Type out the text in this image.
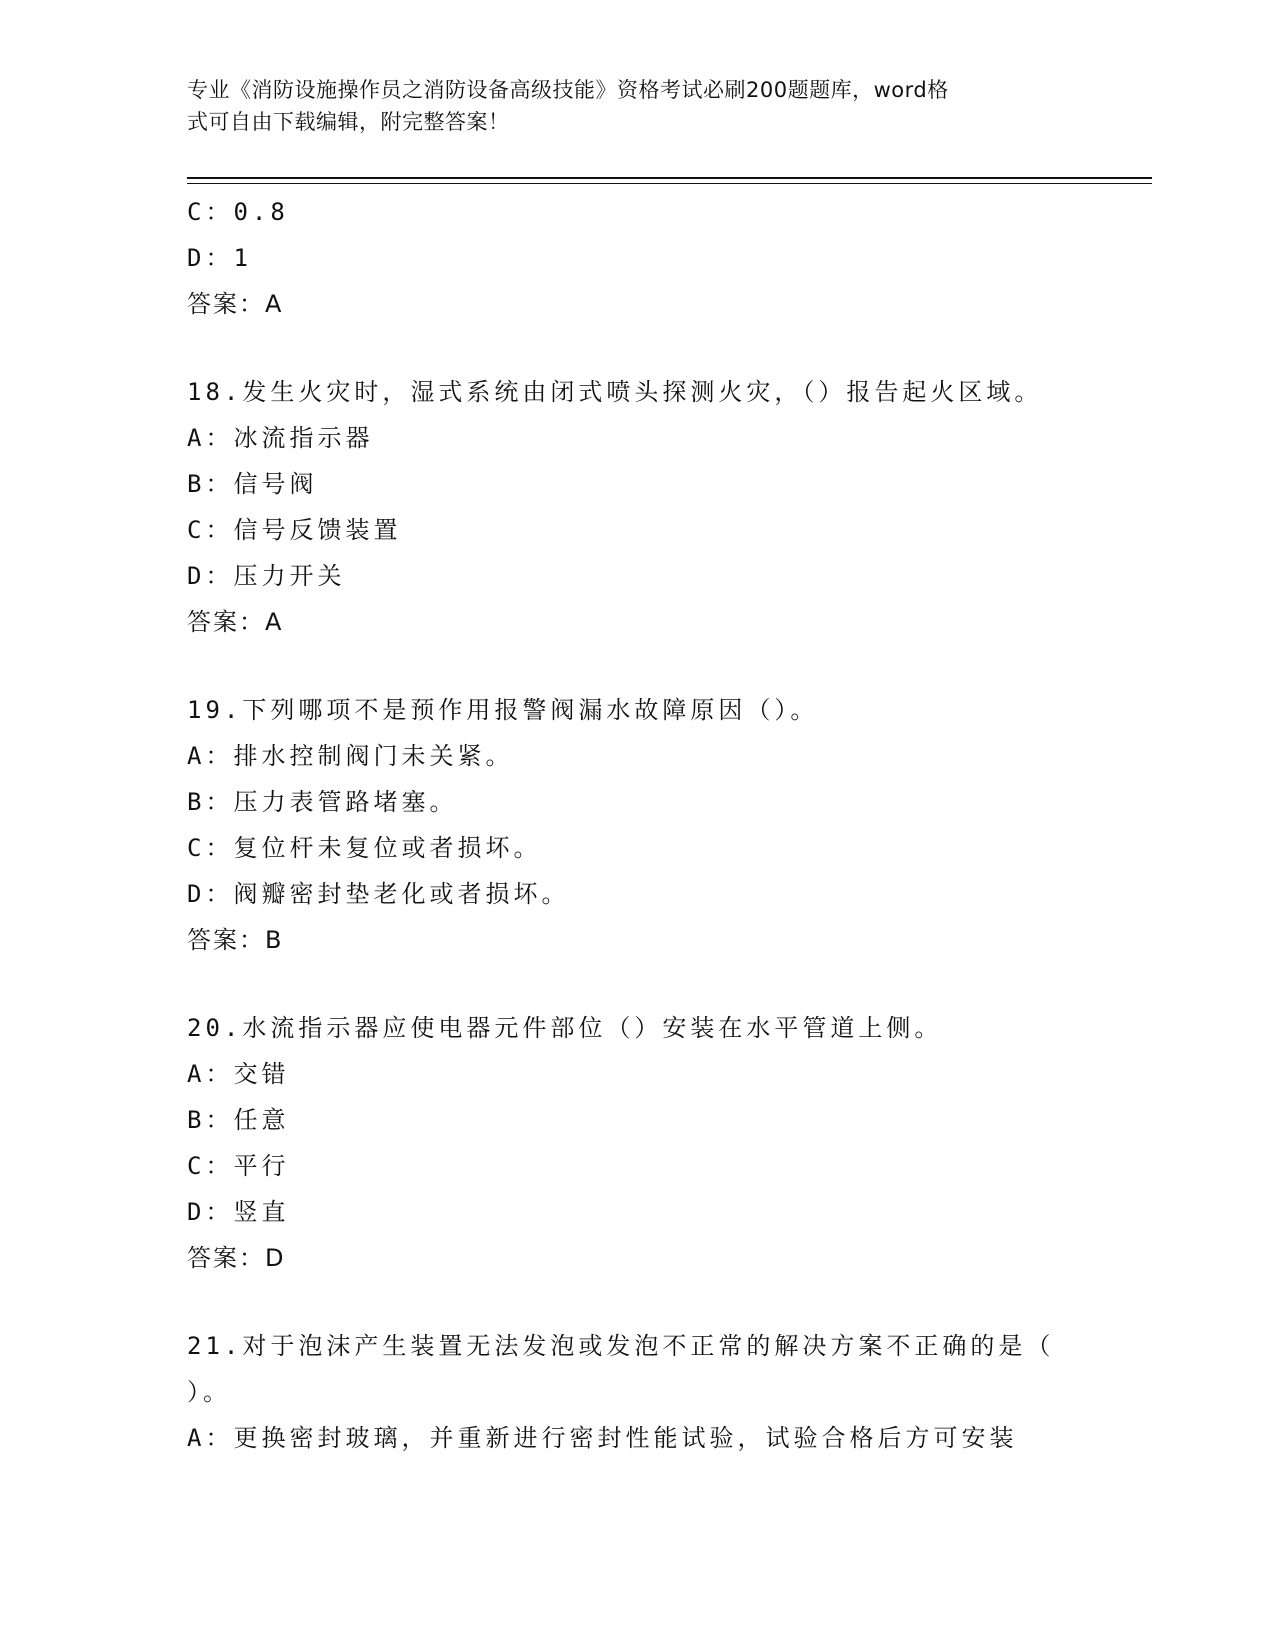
专业《消防设施操作员之消防设备高级技能》资格考试必刷200题题库，word格
式可自由下载编辑，附完整答案！
C：0.8
D：1
答案：A
18.发生火灾时，湿式系统由闭式喷头探测火灾，（）报告起火区域。
A：冰流指示器
B：信号阀
C：信号反馈装置
D：压力开关
答案：A
19.下列哪项不是预作用报警阀漏水故障原因（）。
A：排水控制阀门未关紧。
B：压力表管路堵塞。
C：复位杆未复位或者损坏。
D：阀瓣密封垫老化或者损坏。
答案：B
20.水流指示器应使电器元件部位（）安装在水平管道上侧。
A：交错
B：任意
C：平行
D：竖直
答案：D
21.对于泡沫产生装置无法发泡或发泡不正常的解决方案不正确的是（
）。
A：更换密封玻璃，并重新进行密封性能试验，试验合格后方可安装
